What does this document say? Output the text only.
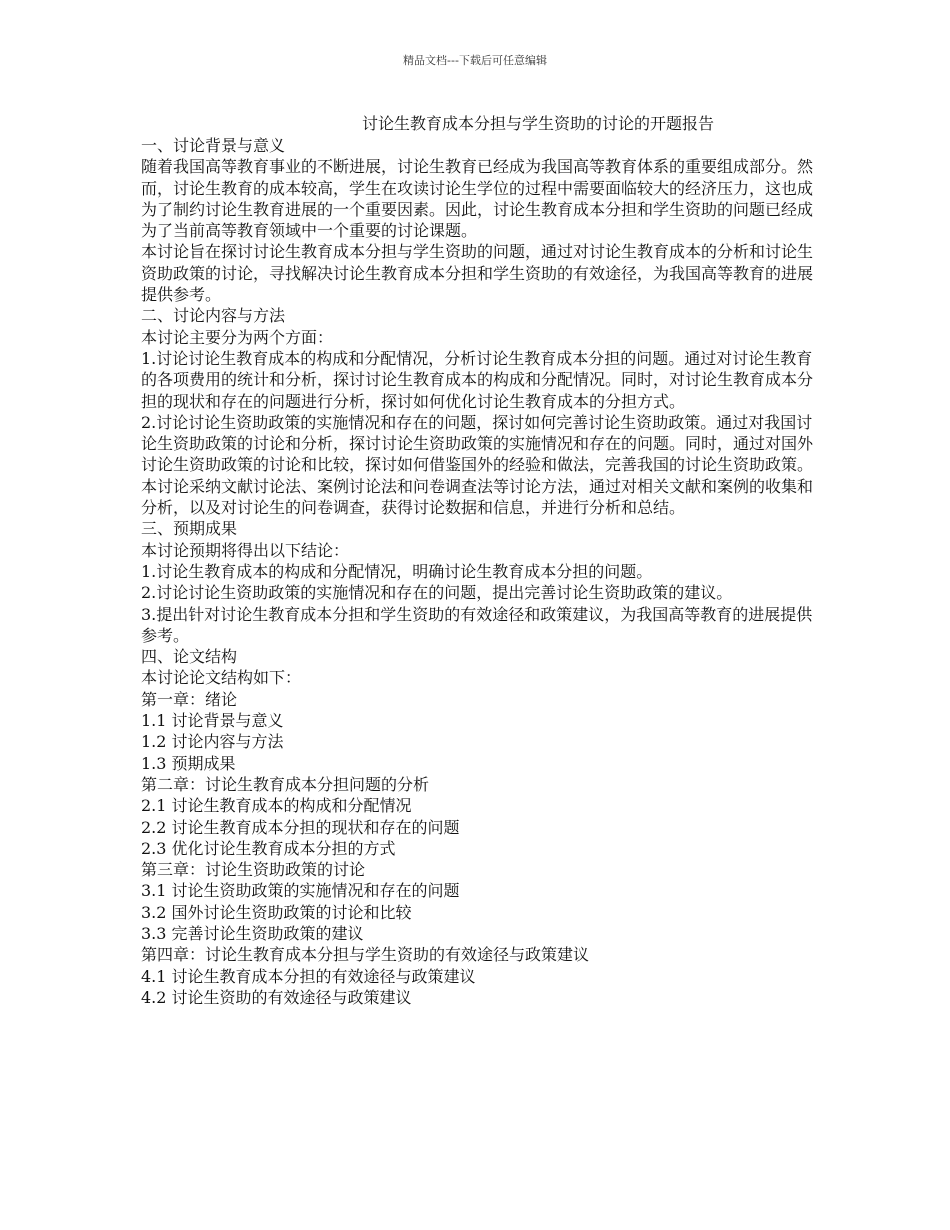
精品文档---下载后可任意编辑
讨论生教育成本分担与学生资助的讨论的开题报告

一、讨论背景与意义

随着我国高等教育事业的不断进展，讨论生教育已经成为我国高等教育体系的重要组成部分。然而，讨论生教育的成本较高，学生在攻读讨论生学位的过程中需要面临较大的经济压力，这也成为了制约讨论生教育进展的一个重要因素。因此，讨论生教育成本分担和学生资助的问题已经成为了当前高等教育领域中一个重要的讨论课题。

本讨论旨在探讨讨论生教育成本分担与学生资助的问题，通过对讨论生教育成本的分析和讨论生资助政策的讨论，寻找解决讨论生教育成本分担和学生资助的有效途径，为我国高等教育的进展提供参考。

二、讨论内容与方法

本讨论主要分为两个方面：

1.讨论讨论生教育成本的构成和分配情况，分析讨论生教育成本分担的问题。通过对讨论生教育的各项费用的统计和分析，探讨讨论生教育成本的构成和分配情况。同时，对讨论生教育成本分担的现状和存在的问题进行分析，探讨如何优化讨论生教育成本的分担方式。

2.讨论讨论生资助政策的实施情况和存在的问题，探讨如何完善讨论生资助政策。通过对我国讨论生资助政策的讨论和分析，探讨讨论生资助政策的实施情况和存在的问题。同时，通过对国外讨论生资助政策的讨论和比较，探讨如何借鉴国外的经验和做法，完善我国的讨论生资助政策。

本讨论采纳文献讨论法、案例讨论法和问卷调查法等讨论方法，通过对相关文献和案例的收集和分析，以及对讨论生的问卷调查，获得讨论数据和信息，并进行分析和总结。

三、预期成果

本讨论预期将得出以下结论：

1.讨论生教育成本的构成和分配情况，明确讨论生教育成本分担的问题。

2.讨论讨论生资助政策的实施情况和存在的问题，提出完善讨论生资助政策的建议。

3.提出针对讨论生教育成本分担和学生资助的有效途径和政策建议，为我国高等教育的进展提供参考。

四、论文结构

本讨论论文结构如下：

第一章：绪论

1.1 讨论背景与意义

1.2 讨论内容与方法

1.3 预期成果

第二章：讨论生教育成本分担问题的分析

2.1 讨论生教育成本的构成和分配情况

2.2 讨论生教育成本分担的现状和存在的问题

2.3 优化讨论生教育成本分担的方式

第三章：讨论生资助政策的讨论

3.1 讨论生资助政策的实施情况和存在的问题

3.2 国外讨论生资助政策的讨论和比较

3.3 完善讨论生资助政策的建议

第四章：讨论生教育成本分担与学生资助的有效途径与政策建议

4.1 讨论生教育成本分担的有效途径与政策建议

4.2 讨论生资助的有效途径与政策建议
